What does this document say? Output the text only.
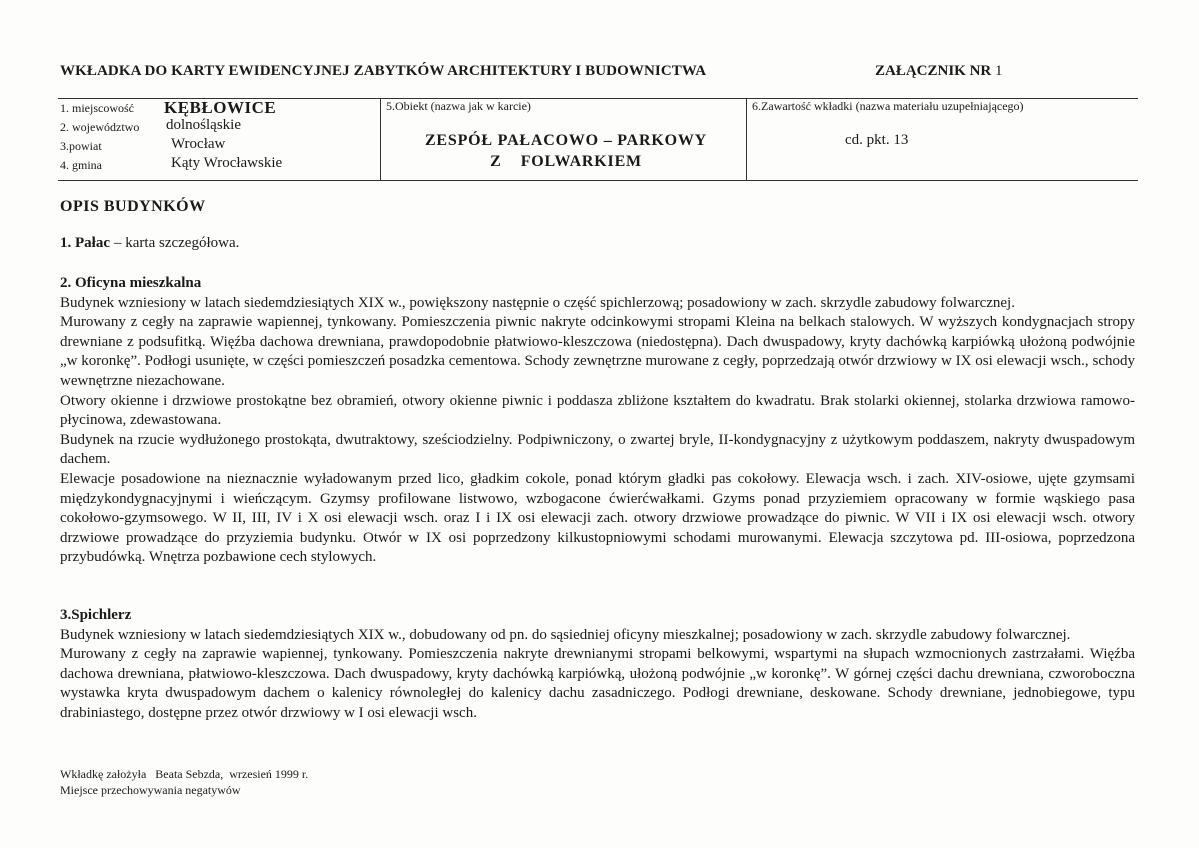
WKŁADKA DO KARTY EWIDENCYJNEJ ZABYTKÓW ARCHITEKTURY I BUDOWNICTWA	ZAŁĄCZNIK NR 1
1. miejscowość KĘBŁOWICE
2. województwo dolnośląskie
3.powiat	Wrocław
4. gmina	Kąty Wrocławskie
5.Obiekt (nazwa jak w karcie)
ZESPÓŁ PAŁACOWO – PARKOWY
Z    FOLWARKIEM
6.Zawartość wkładki (nazwa materiału uzupełniającego)
cd. pkt. 13
OPIS BUDYNKÓW
1. Pałac – karta szczegółowa.
2. Oficyna mieszkalna

Budynek wzniesiony w latach siedemdziesiątych XIX w., powiększony następnie o część spichlerzową; posadowiony w zach. skrzydle zabudowy folwarcznej.

Murowany z cegły na zaprawie wapiennej, tynkowany. Pomieszczenia piwnic nakryte odcinkowymi stropami Kleina na belkach stalowych. W wyższych kondygnacjach stropy drewniane z podsufitką. Więźba dachowa drewniana, prawdopodobnie płatwiowo-kleszczowa (niedostępna). Dach dwuspadowy, kryty dachówką karpiówką ułożoną podwójnie „w koronkę”. Podłogi usunięte, w części pomieszczeń posadzka cementowa. Schody zewnętrzne murowane z cegły, poprzedzają otwór drzwiowy w IX osi elewacji wsch., schody wewnętrzne niezachowane.

Otwory okienne i drzwiowe prostokątne bez obramień, otwory okienne piwnic i poddasza zbliżone kształtem do kwadratu. Brak stolarki okiennej, stolarka drzwiowa ramowo-płycinowa, zdewastowana.

Budynek na rzucie wydłużonego prostokąta, dwutraktowy, sześciodzielny. Podpiwniczony, o zwartej bryle, II-kondygnacyjny z użytkowym poddaszem, nakryty dwuspadowym dachem.

Elewacje posadowione na nieznacznie wyładowanym przed lico, gładkim cokole, ponad którym gładki pas cokołowy. Elewacja wsch. i zach. XIV-osiowe, ujęte gzymsami międzykondygnacyjnymi i wieńczącym. Gzymsy profilowane listwowo, wzbogacone ćwierćwałkami. Gzyms ponad przyziemiem opracowany w formie wąskiego pasa cokołowo-gzymsowego. W II, III, IV i X osi elewacji wsch. oraz I i IX osi elewacji zach. otwory drzwiowe prowadzące do piwnic. W VII i IX osi elewacji wsch. otwory drzwiowe prowadzące do przyziemia budynku. Otwór w IX osi poprzedzony kilkustopniowymi schodami murowanymi. Elewacja szczytowa pd. III-osiowa, poprzedzona przybudówką. Wnętrza pozbawione cech stylowych.

3.Spichlerz

Budynek wzniesiony w latach siedemdziesiątych XIX w., dobudowany od pn. do sąsiedniej oficyny mieszkalnej; posadowiony w zach. skrzydle zabudowy folwarcznej.

Murowany z cegły na zaprawie wapiennej, tynkowany. Pomieszczenia nakryte drewnianymi stropami belkowymi, wspartymi na słupach wzmocnionych zastrzałami. Więźba dachowa drewniana, płatwiowo-kleszczowa. Dach dwuspadowy, kryty dachówką karpiówką, ułożoną podwójnie „w koronkę”. W górnej części dachu drewniana, czworoboczna wystawka kryta dwuspadowym dachem o kalenicy równoległej do kalenicy dachu zasadniczego. Podłogi drewniane, deskowane. Schody drewniane, jednobiegowe, typu drabiniastego, dostępne przez otwór drzwiowy w I osi elewacji wsch.

Wkładkę założyła   Beata Sebzda,  wrzesień 1999 r.
Miejsce przechowywania negatywów
